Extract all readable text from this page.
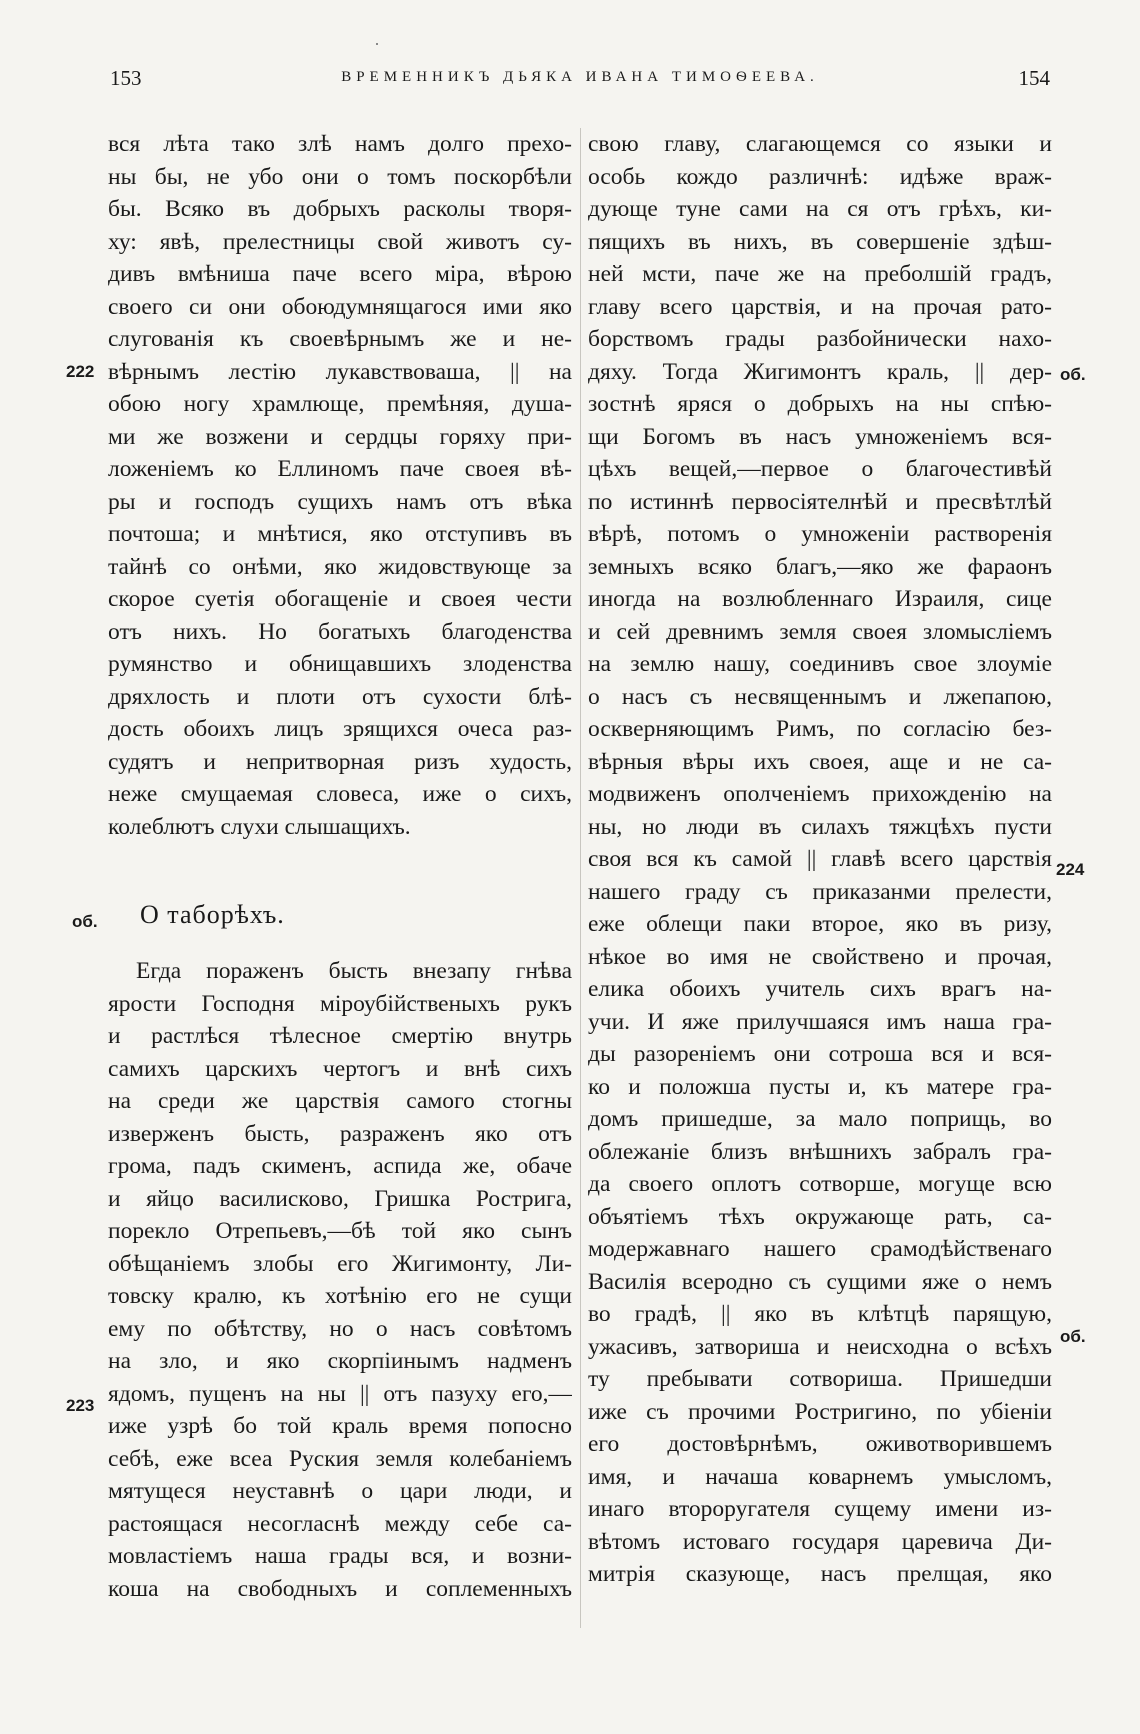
153	ВРЕМЕННИКЪ ДЬЯКА ИВАНА ТИМОѲЕЕВА.	154
вся лѣта тако злѣ намъ долго прехо-
ны бы, не убо они о томъ поскорбѣли
бы. Всяко въ добрыхъ расколы творя-
ху: явѣ, прелестницы свой животъ су-
дивъ вмѣниша паче всего міра, вѣрою
своего си они обоюдумнящагося ими яко
слугованія къ своевѣрнымъ же и не-
вѣрнымъ лестію лукавствоваша, || на
обою ногу храмлюще, премѣняя, душа-
ми же возжени и сердцы горяху при-
ложеніемъ ко Еллиномъ паче своея вѣ-
ры и господъ сущихъ намъ отъ вѣка
почтоша; и мнѣтися, яко отступивъ въ
тайнѣ со онѣми, яко жидовствующе за
скорое суетія обогащеніе и своея чести
отъ нихъ. Но богатыхъ благоденства
румянство и обнищавшихъ злоденства
дряхлость и плоти отъ сухости блѣ-
дость обоихъ лицъ зрящихся очеса раз-
судятъ и непритворная ризъ худость,
неже смущаемая словеса, иже о сихъ,
колеблютъ слухи слышащихъ.
О таборѣхъ.
Егда пораженъ бысть внезапу гнѣва
ярости Господня міроубійственыхъ рукъ
и растлѣся тѣлесное смертію внутрь
самихъ царскихъ чертогъ и внѣ сихъ
на среди же царствія самого стогны
изверженъ бысть, разраженъ яко отъ
грома, падъ скименъ, аспида же, обаче
и яйцо василисково, Гришка Ростригa,
порекло Отрепьевъ,—бѣ той яко сынъ
обѣщаніемъ злобы его Жигимонту, Ли-
товску кралю, къ хотѣнію его не сущи
ему по обѣтству, но о насъ совѣтомъ
на зло, и яко скорпіинымъ надменъ
ядомъ, пущенъ на ны || отъ пазуху его,—
иже узрѣ бо той краль время попосно
себѣ, еже всеа Руския земля колебаніемъ
мятущеся неуставнѣ о цари люди, и
растоящася несогласнѣ между себе са-
мовластіемъ наша грады вся, и возни-
коша на свободныхъ и соплеменныхъ
свою главу, слагающемся со языки и
особь кождо различнѣ: идѣже враж-
дующе туне сами на ся отъ грѣхъ, ки-
пящихъ въ нихъ, въ совершеніе здѣш-
ней мсти, паче же на преболшій градъ,
главу всего царствія, и на прочая рато-
борствомъ грады разбойнически нахо-
дяху. Тогда Жигимонтъ краль, || дер-
зостнѣ яряся о добрыхъ на ны спѣю-
щи Богомъ въ насъ умноженіемъ вся-
цѣхъ вещей,—первое о благочестивѣй
по истиннѣ первосіятелнѣй и пресвѣтлѣй
вѣрѣ, потомъ о умноженіи растворенія
земныхъ всяко благъ,—яко же фараонъ
иногда на возлюбленнаго Израиля, сице
и сей древнимъ земля своея зломысліемъ
на землю нашу, соединивъ свое злоуміе
о насъ съ несвященнымъ и лжепапою,
оскверняющимъ Римъ, по согласію без-
вѣрныя вѣры ихъ своея, аще и не са-
модвиженъ ополченіемъ прихожденію на
ны, но люди въ силахъ тяжцѣхъ пусти
своя вся къ самой || главѣ всего царствія
нашего граду съ приказанми прелести,
еже облещи паки второе, яко въ ризу,
нѣкое во имя не свойствено и прочая,
елика обоихъ учитель сихъ врагъ на-
учи. И яже прилучшаяся имъ наша гра-
ды разореніемъ они сотроша вся и вся-
ко и положша пусты и, къ матере гра-
домъ пришедше, за мало поприщь, во
облежаніе близъ внѣшнихъ забралъ гра-
да своего оплотъ сотворше, могуще всю
объятіемъ тѣхъ окружающе рать, са-
модержавнаго нашего срамодѣйственаго
Василія всеродно съ сущими яже о немъ
во градѣ, || яко въ клѣтцѣ парящую,
ужасивъ, затвориша и неисходна о всѣхъ
ту пребывати сотвориша. Пришедши
иже съ прочими Ростригино, по убіеніи
его достовѣрнѣмъ, оживотворившемъ
имя, и начаша коварнемъ умысломъ,
инаго второругателя сущему имени из-
вѣтомъ истоваго государя царевича Ди-
митрія сказующе, насъ прелщая, яко
222
об.
223
об.
224
об.
